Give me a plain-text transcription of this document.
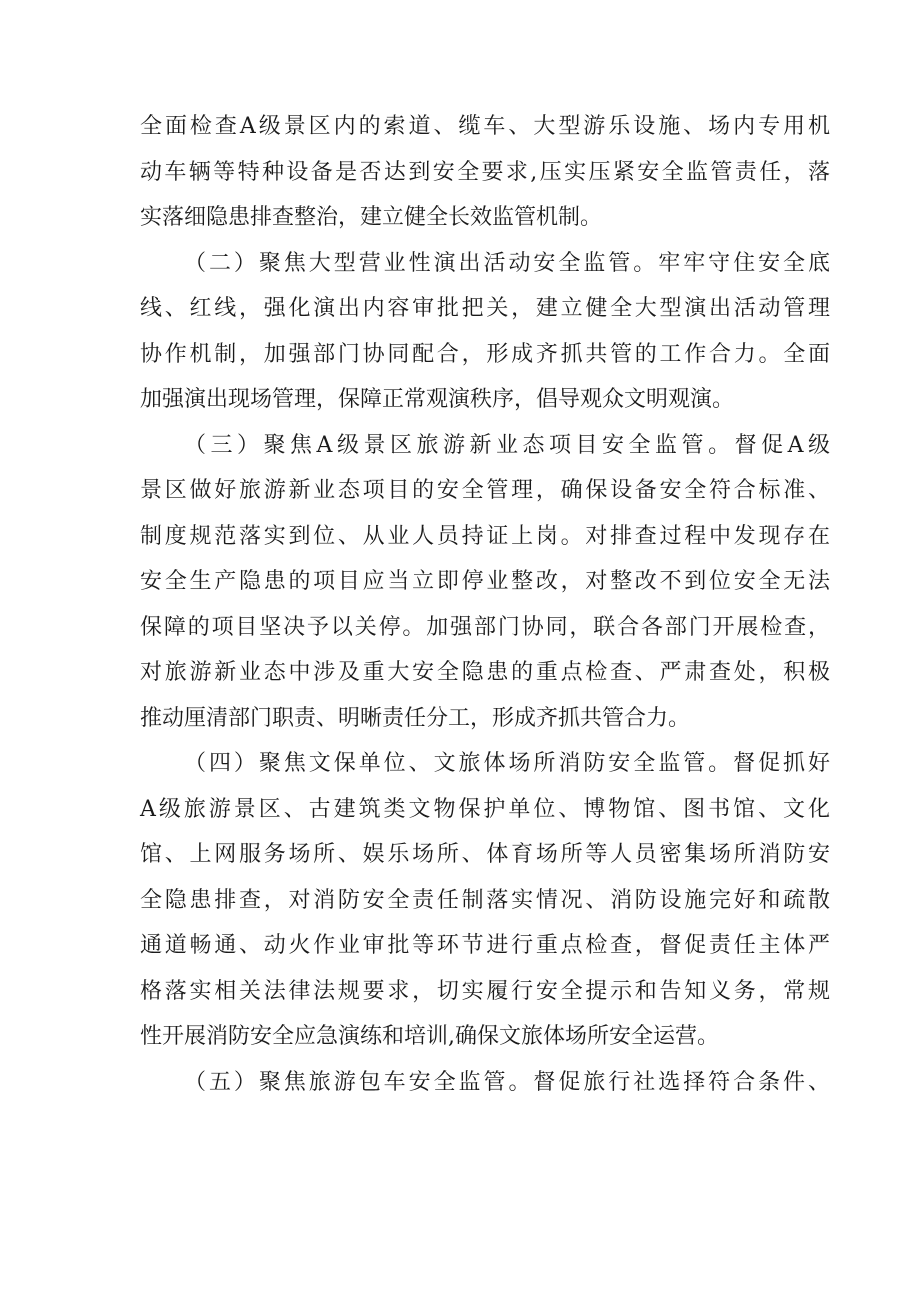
全面检查A级景区内的索道、缆车、大型游乐设施、场内专用机
动车辆等特种设备是否达到安全要求,压实压紧安全监管责任，落
实落细隐患排查整治，建立健全长效监管机制。
（二）聚焦大型营业性演出活动安全监管。牢牢守住安全底
线、红线，强化演出内容审批把关，建立健全大型演出活动管理
协作机制，加强部门协同配合，形成齐抓共管的工作合力。全面
加强演出现场管理，保障正常观演秩序，倡导观众文明观演。
（三）聚焦A级景区旅游新业态项目安全监管。督促A级
景区做好旅游新业态项目的安全管理，确保设备安全符合标准、
制度规范落实到位、从业人员持证上岗。对排查过程中发现存在
安全生产隐患的项目应当立即停业整改，对整改不到位安全无法
保障的项目坚决予以关停。加强部门协同，联合各部门开展检查，
对旅游新业态中涉及重大安全隐患的重点检查、严肃查处，积极
推动厘清部门职责、明晰责任分工，形成齐抓共管合力。
（四）聚焦文保单位、文旅体场所消防安全监管。督促抓好
A级旅游景区、古建筑类文物保护单位、博物馆、图书馆、文化
馆、上网服务场所、娱乐场所、体育场所等人员密集场所消防安
全隐患排查，对消防安全责任制落实情况、消防设施完好和疏散
通道畅通、动火作业审批等环节进行重点检查，督促责任主体严
格落实相关法律法规要求，切实履行安全提示和告知义务，常规
性开展消防安全应急演练和培训,确保文旅体场所安全运营。
（五）聚焦旅游包车安全监管。督促旅行社选择符合条件、
